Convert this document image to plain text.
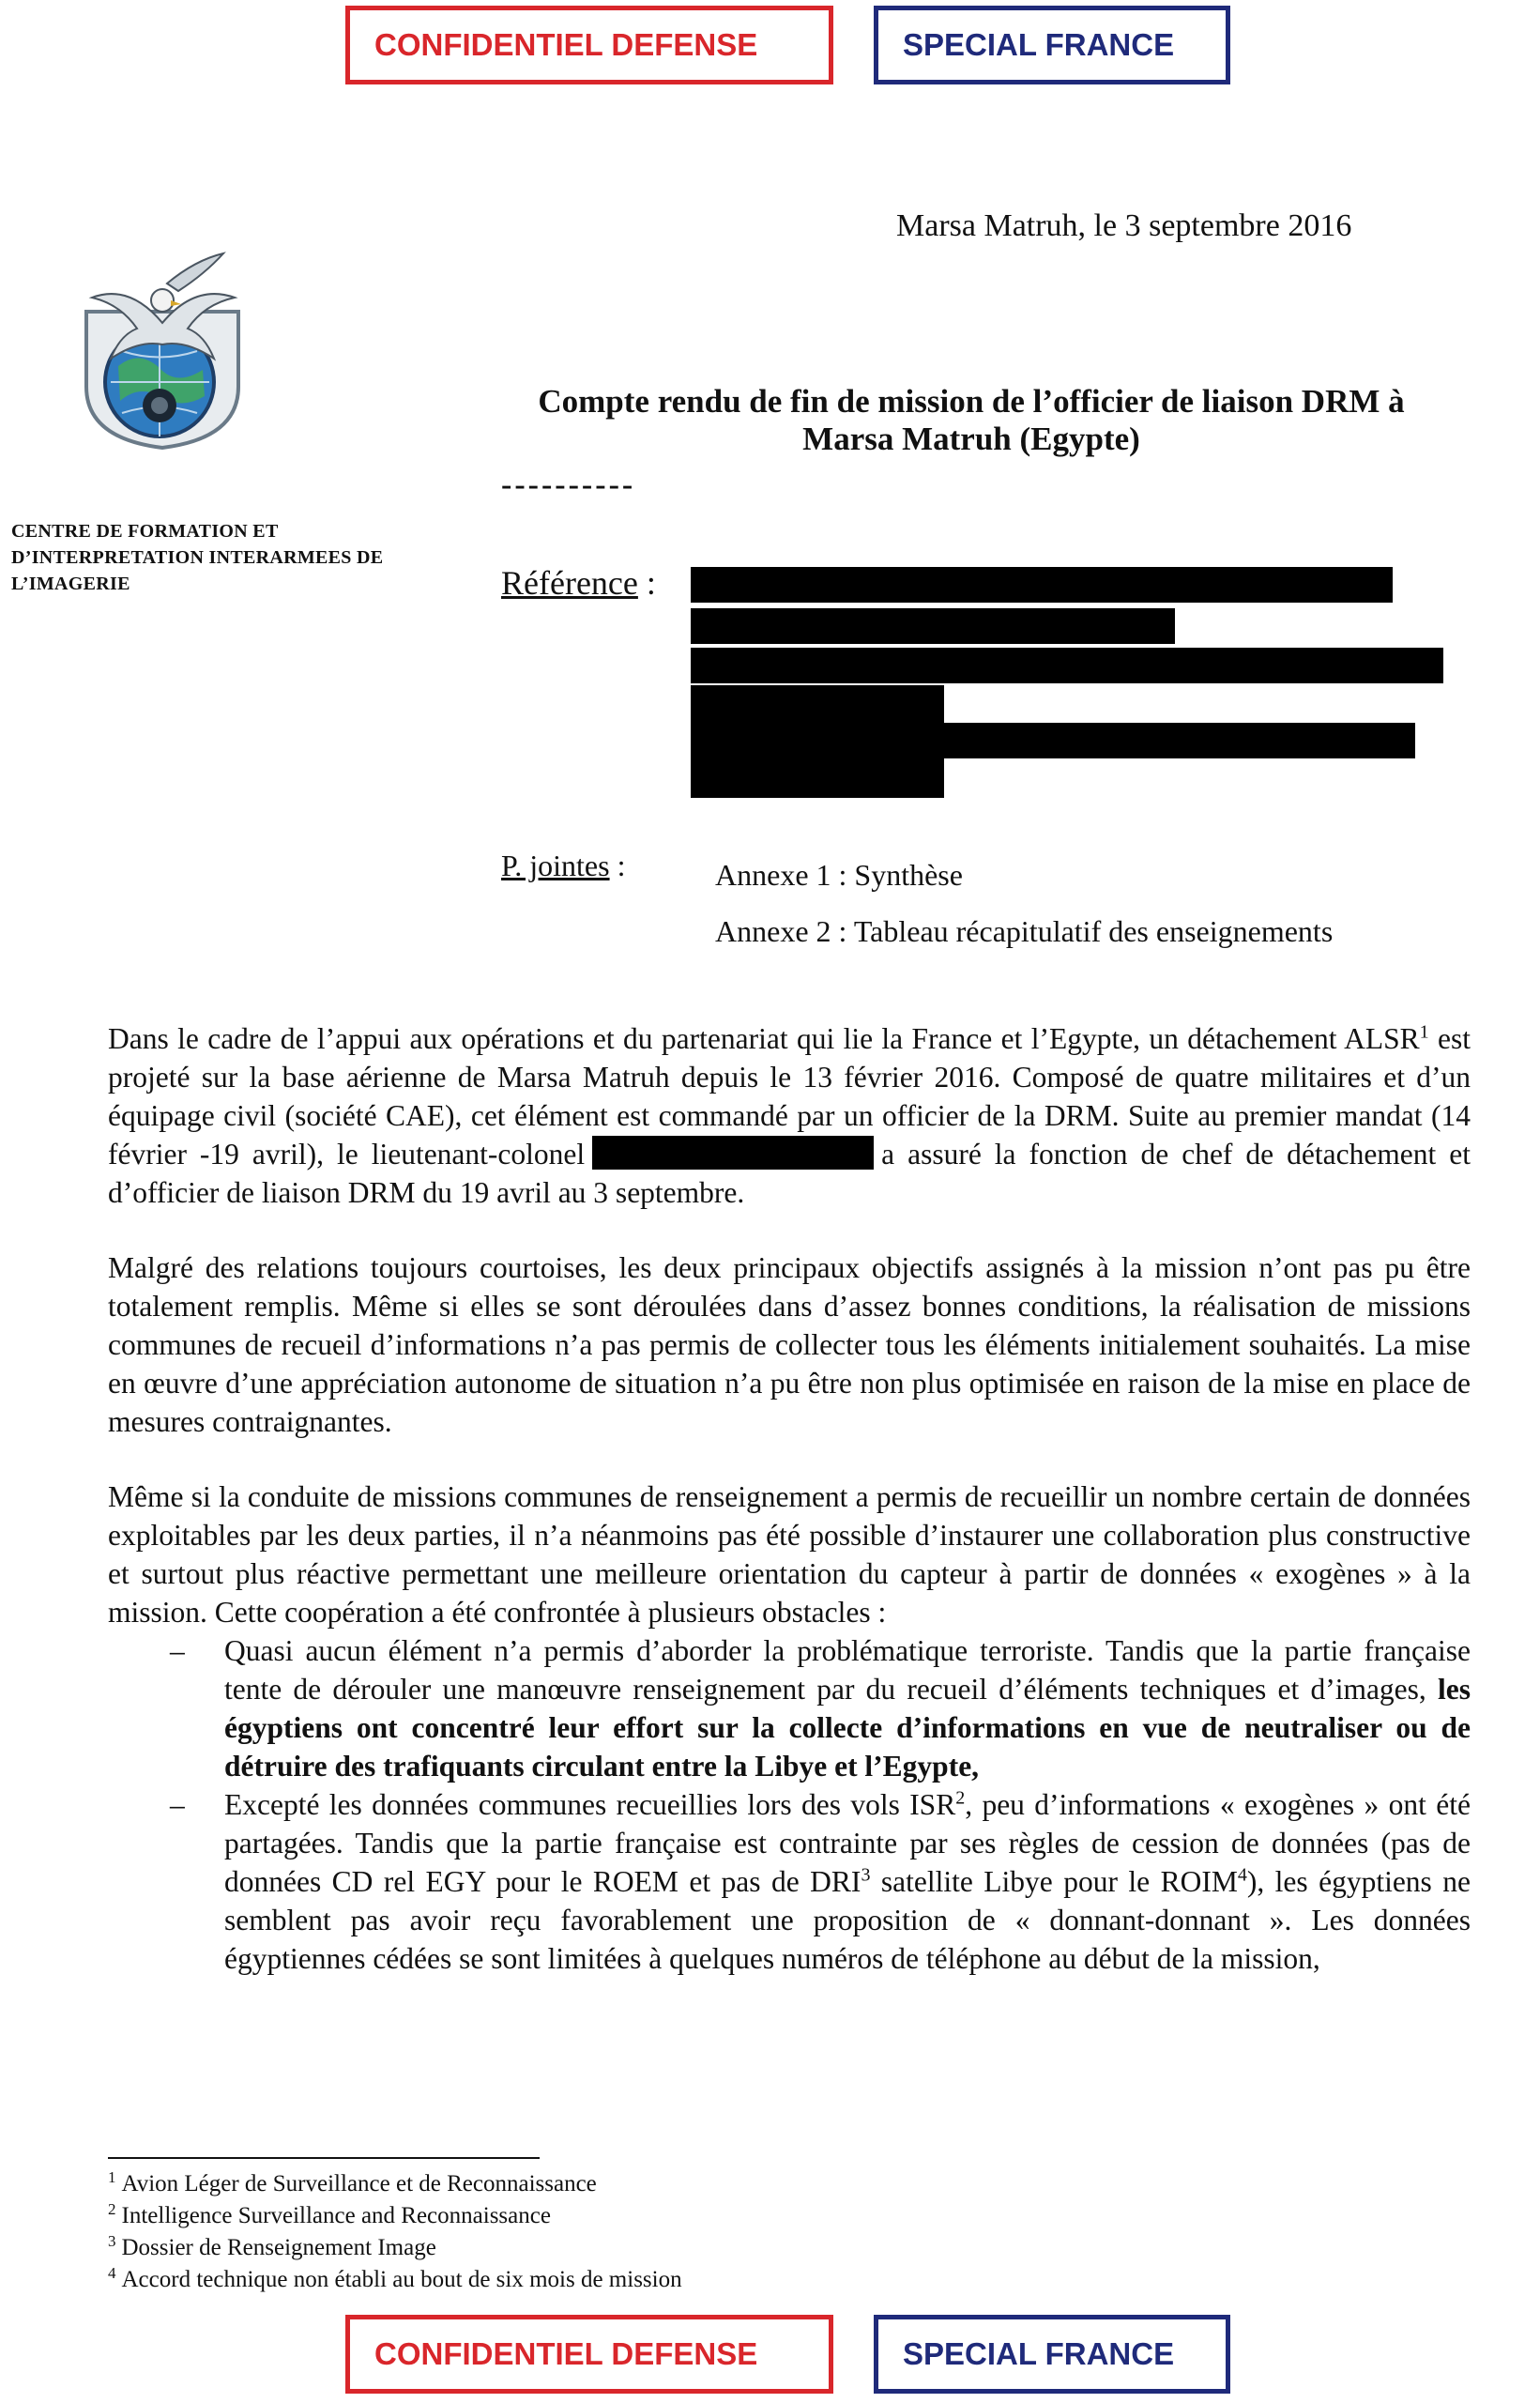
CONFIDENTIEL DEFENSE	SPECIAL FRANCE
Marsa Matruh, le 3 septembre 2016
CENTRE DE FORMATION ET D’INTERPRETATION INTERARMEES DE L’IMAGERIE
Compte rendu de fin de mission de l’officier de liaison DRM à
Marsa Matruh (Egypte)
----------
Référence :
P. jointes :	Annexe 1 : Synthèse
Annexe 2 : Tableau récapitulatif des enseignements

Dans le cadre de l’appui aux opérations et du partenariat qui lie la France et l’Egypte, un détachement ALSR$^1$ est projeté sur la base aérienne de Marsa Matruh depuis le 13 février 2016. Composé de quatre militaires et d’un équipage civil (société CAE), cet élément est commandé par un officier de la DRM. Suite au premier mandat (14 février -19 avril), le lieutenant-colonel	a assuré la fonction de chef de détachement et d’officier de liaison DRM du 19 avril au 3 septembre.

Malgré des relations toujours courtoises, les deux principaux objectifs assignés à la mission n’ont pas pu être totalement remplis. Même si elles se sont déroulées dans d’assez bonnes conditions, la réalisation de missions communes de recueil d’informations n’a pas permis de collecter tous les éléments initialement souhaités. La mise en œuvre d’une appréciation autonome de situation n’a pu être non plus optimisée en raison de la mise en place de mesures contraignantes.

Même si la conduite de missions communes de renseignement a permis de recueillir un nombre certain de données exploitables par les deux parties, il n’a néanmoins pas été possible d’instaurer une collaboration plus constructive et surtout plus réactive permettant une meilleure orientation du capteur à partir de données « exogènes » à la mission. Cette coopération a été confrontée à plusieurs obstacles :

– Quasi aucun élément n’a permis d’aborder la problématique terroriste. Tandis que la partie française tente de dérouler une manœuvre renseignement par du recueil d’éléments techniques et d’images, les égyptiens ont concentré leur effort sur la collecte d’informations en vue de neutraliser ou de détruire des trafiquants circulant entre la Libye et l’Egypte,
– Excepté les données communes recueillies lors des vols ISR$^2$, peu d’informations « exogènes » ont été partagées. Tandis que la partie française est contrainte par ses règles de cession de données (pas de données CD rel EGY pour le ROEM et pas de DRI$^3$ satellite Libye pour le ROIM$^4$), les égyptiens ne semblent pas avoir reçu favorablement une proposition de « donnant-donnant ». Les données égyptiennes cédées se sont limitées à quelques numéros de téléphone au début de la mission,
$^1$ Avion Léger de Surveillance et de Reconnaissance
$^2$ Intelligence Surveillance and Reconnaissance
$^3$ Dossier de Renseignement Image
$^4$ Accord technique non établi au bout de six mois de mission
CONFIDENTIEL DEFENSE	SPECIAL FRANCE
